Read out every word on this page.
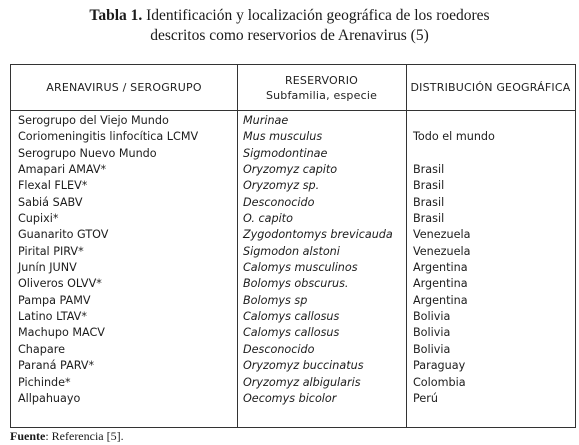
Tabla 1. Identificación y localización geográfica de los roedores
descritos como reservorios de Arenavirus (5)
ARENAVIRUS / SEROGRUPO
RESERVORIO
Subfamilia, especie
DISTRIBUCIÓN GEOGRÁFICA
Serogrupo del Viejo Mundo
Coriomeningitis linfocítica LCMV
Serogrupo Nuevo Mundo
Amapari AMAV*
Flexal FLEV*
Sabiá SABV
Cupixi*
Guanarito GTOV
Pirital PIRV*
Junín JUNV
Oliveros OLVV*
Pampa PAMV
Latino LTAV*
Machupo MACV
Chapare
Paraná PARV*
Pichinde*
Allpahuayo
Murinae
Mus musculus
Sigmodontinae
Oryzomyz capito
Oryzomyz sp.
Desconocido
O. capito
Zygodontomys brevicauda
Sigmodon alstoni
Calomys musculinos
Bolomys obscurus.
Bolomys sp
Calomys callosus
Calomys callosus
Desconocido
Oryzomyz buccinatus
Oryzomyz albigularis
Oecomys bicolor
Todo el mundo
Brasil
Brasil
Brasil
Brasil
Venezuela
Venezuela
Argentina
Argentina
Argentina
Bolivia
Bolivia
Bolivia
Paraguay
Colombia
Perú
Fuente: Referencia [5].
